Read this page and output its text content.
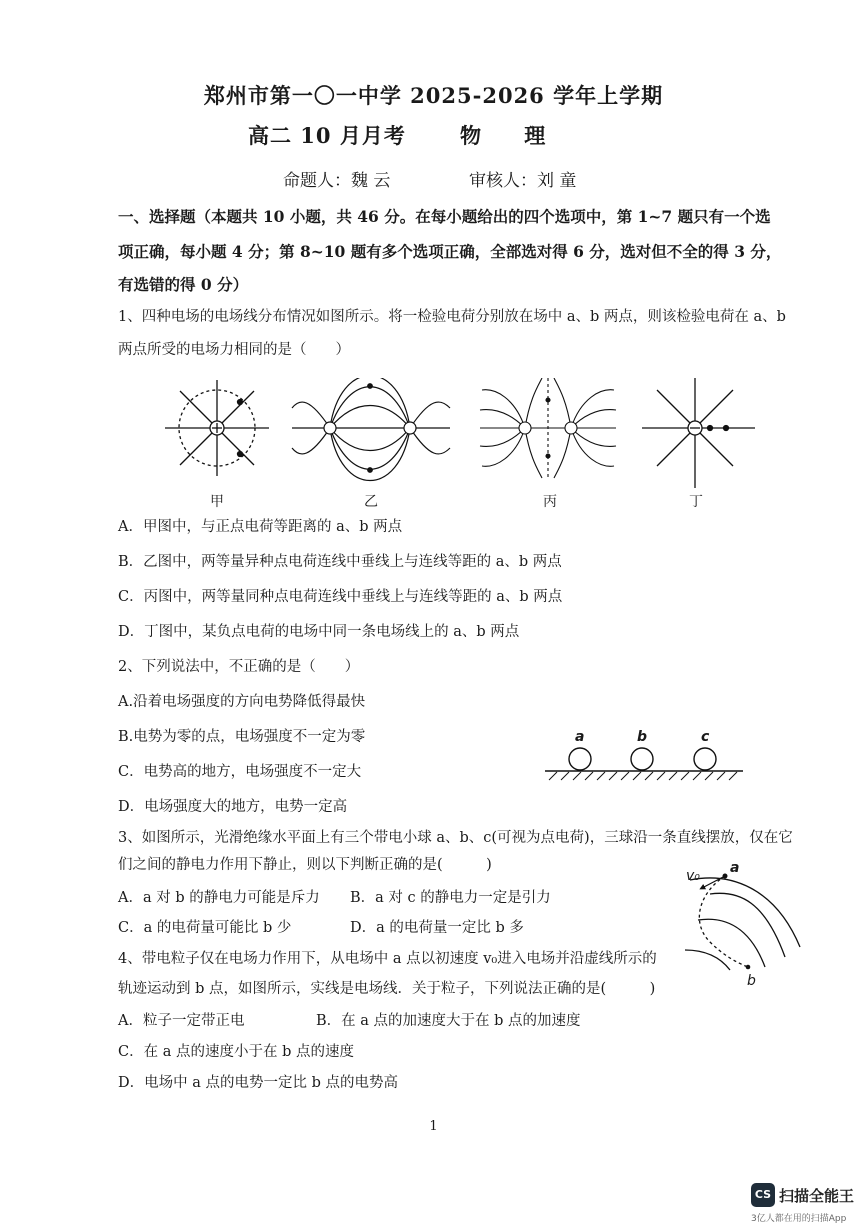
郑州市第一〇一中学 2025-2026 学年上学期
高二 10 月月考	物 理
命题人：魏 云	审核人：刘 童
一、选择题（本题共 10 小题，共 46 分。在每小题给出的四个选项中，第 1~7 题只有一个选
项正确，每小题 4 分；第 8~10 题有多个选项正确，全部选对得 6 分，选对但不全的得 3 分，
有选错的得 0 分）
1、四种电场的电场线分布情况如图所示。将一检验电荷分别放在场中 a、b 两点，则该检验电荷在 a、b
两点所受的电场力相同的是（　　）
甲	乙	丙	丁
A．甲图中，与正点电荷等距离的 a、b 两点
B．乙图中，两等量异种点电荷连线中垂线上与连线等距的 a、b 两点
C．丙图中，两等量同种点电荷连线中垂线上与连线等距的 a、b 两点
D．丁图中，某负点电荷的电场中同一条电场线上的 a、b 两点
2、下列说法中，不正确的是（　　）
A.沿着电场强度的方向电势降低得最快
B.电势为零的点，电场强度不一定为零
C．电势高的地方，电场强度不一定大
D．电场强度大的地方，电势一定高
a	b	c
3、如图所示，光滑绝缘水平面上有三个带电小球 a、b、c(可视为点电荷)，三球沿一条直线摆放，仅在它
们之间的静电力作用下静止，则以下判断正确的是(　　　)
A．a 对 b 的静电力可能是斥力 B．a 对 c 的静电力一定是引力
C．a 的电荷量可能比 b 少	D．a 的电荷量一定比 b 多
4、带电粒子仅在电场力作用下，从电场中 a 点以初速度 v₀进入电场并沿虚线所示的
轨迹运动到 b 点，如图所示，实线是电场线．关于粒子，下列说法正确的是(　　　)
A．粒子一定带正电	B．在 a 点的加速度大于在 b 点的加速度
C．在 a 点的速度小于在 b 点的速度
D．电场中 a 点的电势一定比 b 点的电势高
v₀ a
b
1
CS 扫描全能王
3亿人都在用的扫描App
